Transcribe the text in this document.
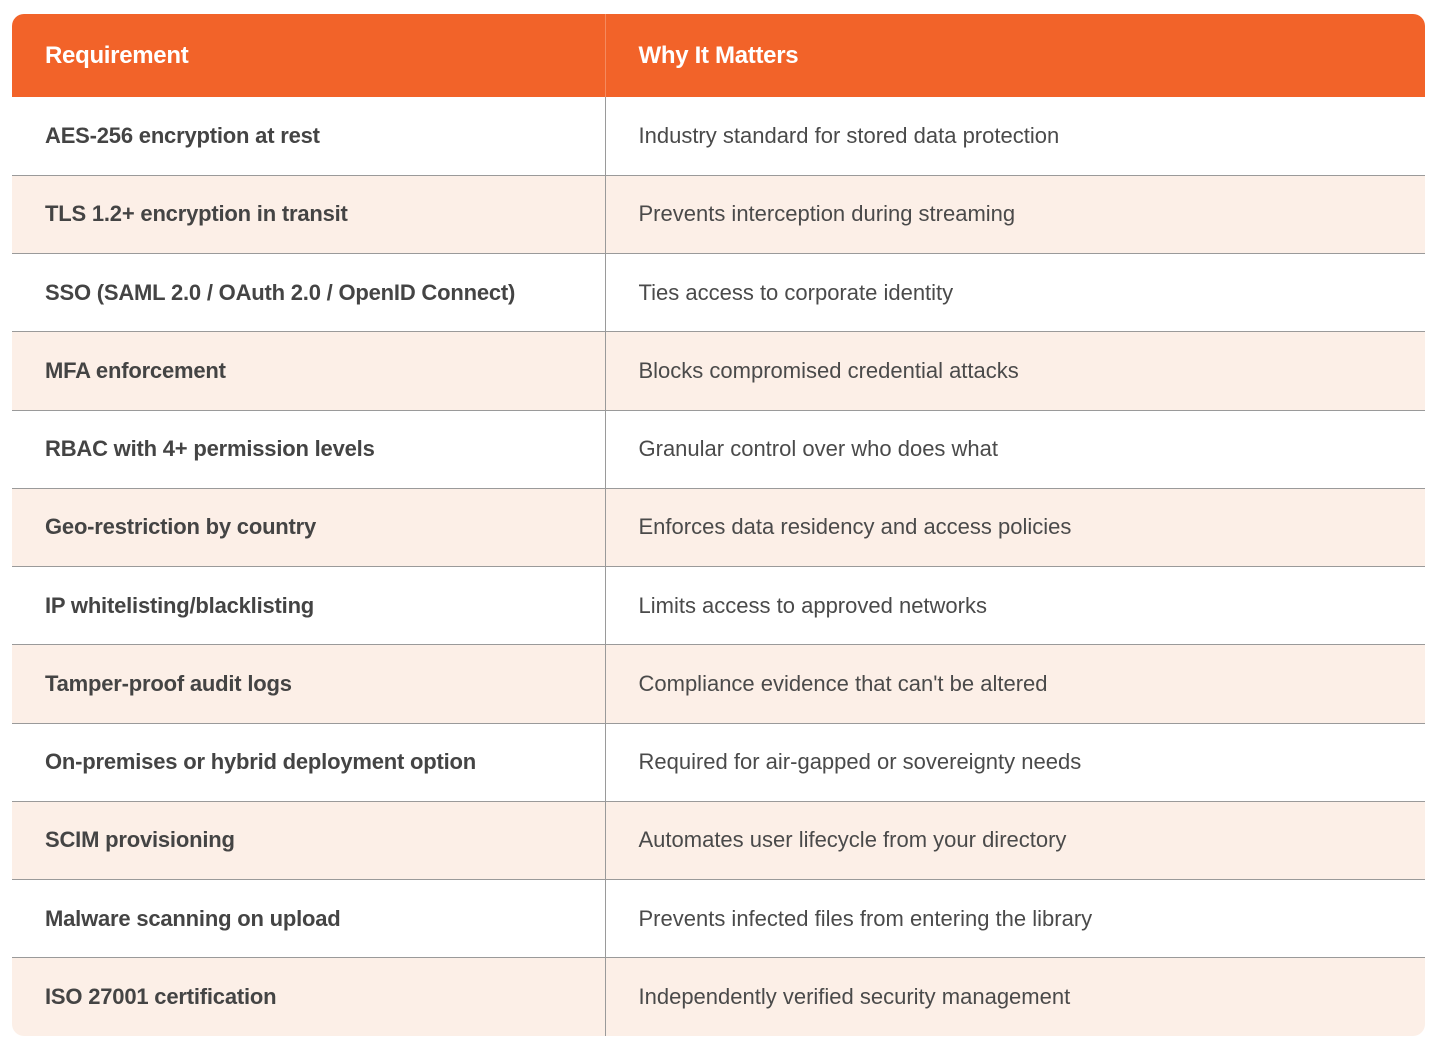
Requirement	Why It Matters
AES-256 encryption at rest	Industry standard for stored data protection
TLS 1.2+ encryption in transit	Prevents interception during streaming
SSO (SAML 2.0 / OAuth 2.0 / OpenID Connect)	Ties access to corporate identity
MFA enforcement	Blocks compromised credential attacks
RBAC with 4+ permission levels	Granular control over who does what
Geo-restriction by country	Enforces data residency and access policies
IP whitelisting/blacklisting	Limits access to approved networks
Tamper-proof audit logs	Compliance evidence that can't be altered
On-premises or hybrid deployment option	Required for air-gapped or sovereignty needs
SCIM provisioning	Automates user lifecycle from your directory
Malware scanning on upload	Prevents infected files from entering the library
ISO 27001 certification	Independently verified security management
